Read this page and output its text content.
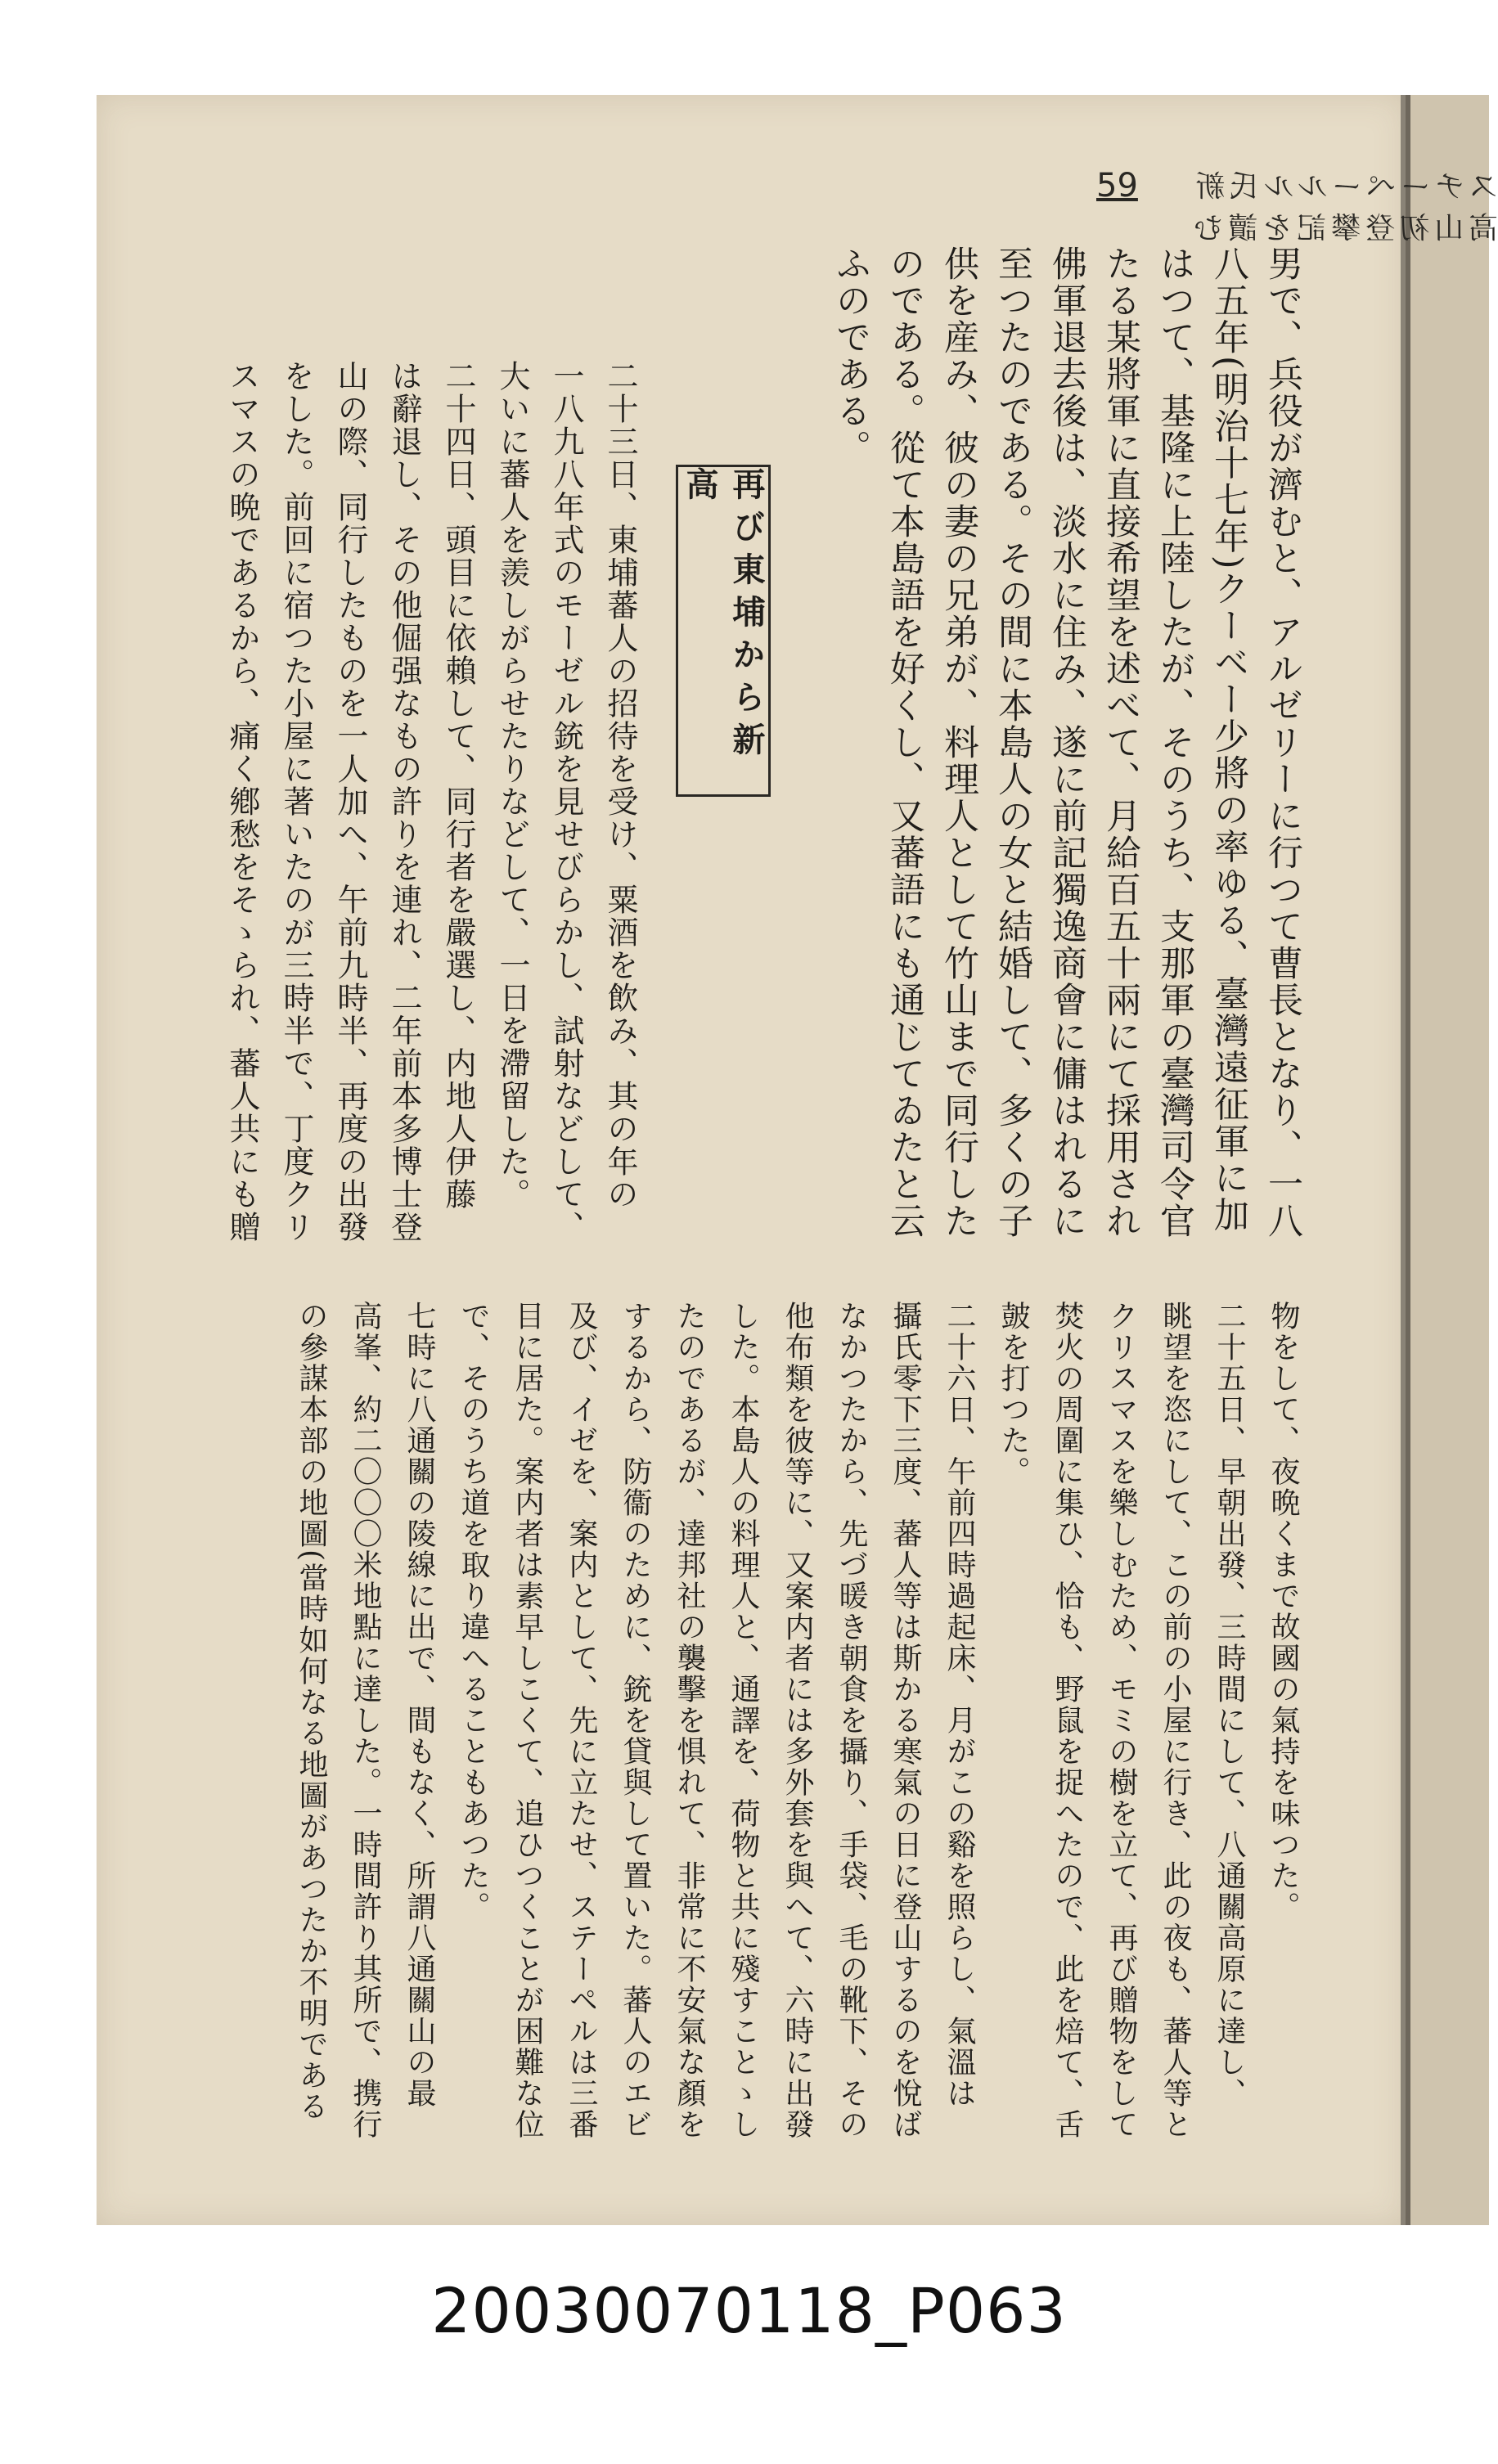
59	スチーペールル氏新高山初登攀記を讀む
男で、兵役が濟むと、アルゼリーに行つて曹長となり、一八
八五年(明治十七年)クーベー少將の率ゆる、臺灣遠征軍に加
はつて、基隆に上陸したが、そのうち、支那軍の臺灣司令官
たる某將軍に直接希望を述べて、月給百五十兩にて採用され
佛軍退去後は、淡水に住み、遂に前記獨逸商會に傭はれるに
至つたのである。その間に本島人の女と結婚して、多くの子
供を産み、彼の妻の兄弟が、料理人として竹山まで同行した
のである。從て本島語を好くし、又蕃語にも通じてゐたと云
ふのである。
再び東埔から新高
二十三日、東埔蕃人の招待を受け、粟酒を飲み、其の年の
一八九八年式のモーゼル銃を見せびらかし、試射などして、
大いに蕃人を羨しがらせたりなどして、一日を滯留した。
二十四日、頭目に依賴して、同行者を嚴選し、内地人伊藤
は辭退し、その他倔强なもの許りを連れ、二年前本多博士登
山の際、同行したものを一人加へ、午前九時半、再度の出發
をした。前回に宿つた小屋に著いたのが三時半で、丁度クリ
スマスの晩であるから、痛く鄕愁をそゝられ、蕃人共にも贈
物をして、夜晩くまで故國の氣持を味つた。
二十五日、早朝出發、三時間にして、八通關高原に達し、
眺望を恣にして、この前の小屋に行き、此の夜も、蕃人等と
クリスマスを樂しむため、モミの樹を立て、再び贈物をして
焚火の周圍に集ひ、恰も、野鼠を捉へたので、此を焙て、舌
皷を打つた。
二十六日、午前四時過起床、月がこの谿を照らし、氣溫は
攝氏零下三度、蕃人等は斯かる寒氣の日に登山するのを悅ば
なかつたから、先づ暖き朝食を攝り、手袋、毛の靴下、その
他布類を彼等に、又案内者には多外套を與へて、六時に出發
した。本島人の料理人と、通譯を、荷物と共に殘すことゝし
たのであるが、達邦社の襲擊を惧れて、非常に不安氣な顏を
するから、防衞のために、銃を貸與して置いた。蕃人のエビ
及び、イゼを、案内として、先に立たせ、ステーペルは三番
目に居た。案内者は素早しこくて、追ひつくことが困難な位
で、そのうち道を取り違へることもあつた。
七時に八通關の陵線に出で、間もなく、所謂八通關山の最
高峯、約二〇〇〇米地點に達した。一時間許り其所で、携行
の參謀本部の地圖(當時如何なる地圖があつたか不明である
20030070118_P063
